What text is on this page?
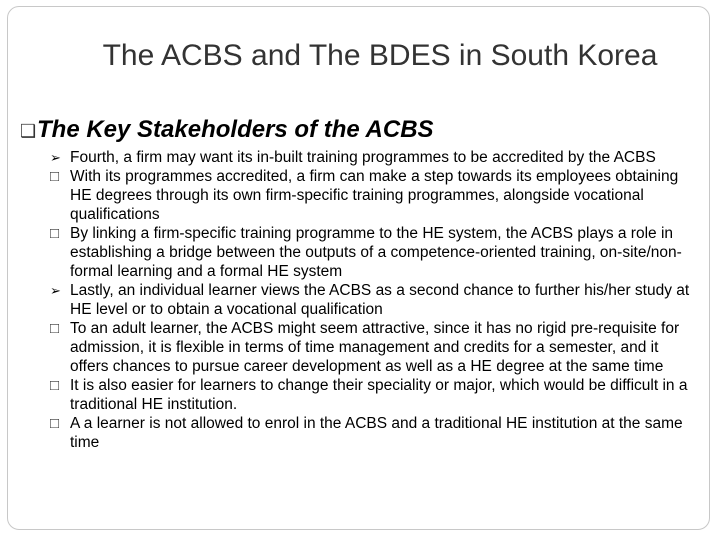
The ACBS and The BDES in South Korea
❑The Key Stakeholders of the ACBS
➢ Fourth, a firm may want its in-built training programmes to be accredited by the ACBS
□ With its programmes accredited, a firm can make a step towards its employees obtaining HE degrees through its own firm-specific training programmes, alongside vocational qualifications
□ By linking a firm-specific training programme to the HE system, the ACBS plays a role in establishing a bridge between the outputs of a competence-oriented training, on-site/non-formal learning and a formal HE system
➢ Lastly, an individual learner views the ACBS as a second chance to further his/her study at HE level or to obtain a vocational qualification
□ To an adult learner, the ACBS might seem attractive, since it has no rigid pre-requisite for admission, it is flexible in terms of time management and credits for a semester, and it offers chances to pursue career development as well as a HE degree at the same time
□ It is also easier for learners to change their speciality or major, which would be difficult in a traditional HE institution.
□ A a learner is not allowed to enrol in the ACBS and a traditional HE institution at the same time
